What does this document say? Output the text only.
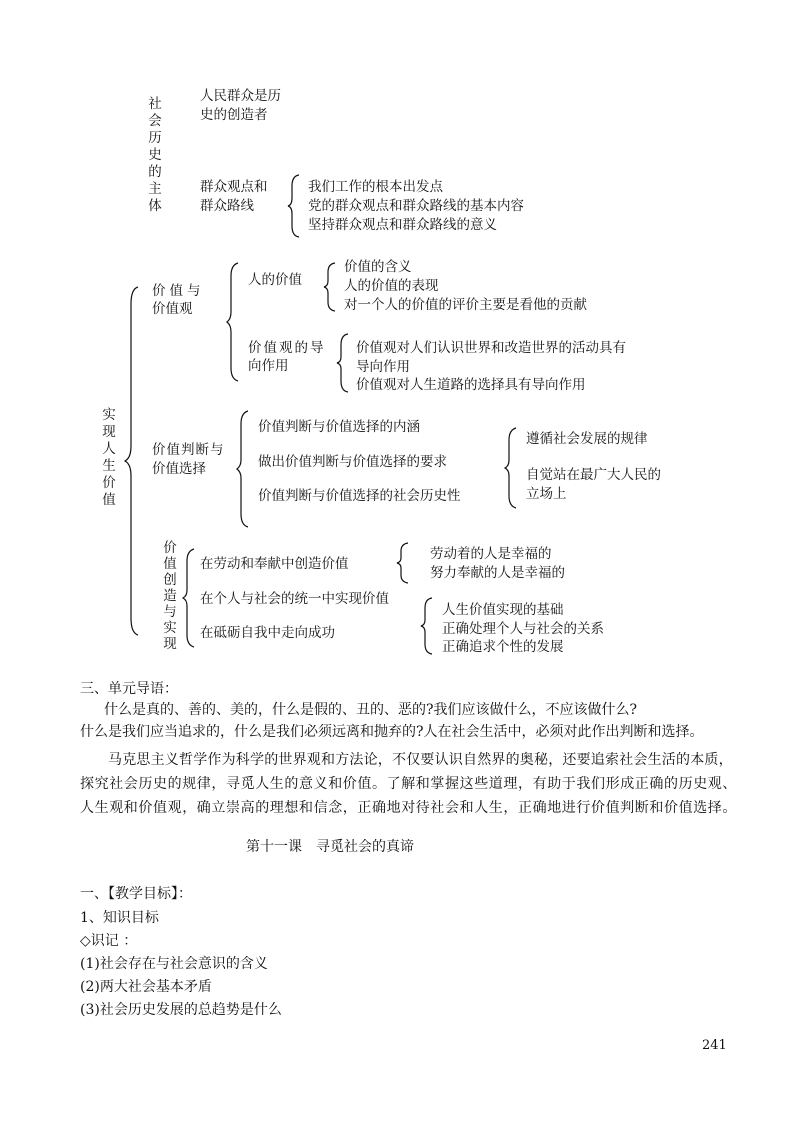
社会历史的主体
人民群众是历
史的创造者
群众观点和
群众路线
我们工作的根本出发点
党的群众观点和群众路线的基本内容
坚持群众观点和群众路线的意义
实现人生价值
价值与
价值观
人的价值
价值的含义
人的价值的表现
对一个人的价值的评价主要是看他的贡献
价值观的导
向作用
价值观对人们认识世界和改造世界的活动具有
导向作用
价值观对人生道路的选择具有导向作用
价值判断与
价值选择
价值判断与价值选择的内涵
做出价值判断与价值选择的要求
价值判断与价值选择的社会历史性
遵循社会发展的规律
自觉站在最广大人民的
立场上
价值创造与实现
在劳动和奉献中创造价值
在个人与社会的统一中实现价值
在砥砺自我中走向成功
劳动着的人是幸福的
努力奉献的人是幸福的
人生价值实现的基础
正确处理个人与社会的关系
正确追求个性的发展
三、单元导语：
什么是真的、善的、美的，什么是假的、丑的、恶的?我们应该做什么，不应该做什么?
什么是我们应当追求的，什么是我们必须远离和抛弃的?人在社会生活中，必须对此作出判断和选择。
马克思主义哲学作为科学的世界观和方法论，不仅要认识自然界的奥秘，还要追索社会生活的本质，
探究社会历史的规律，寻觅人生的意义和价值。了解和掌握这些道理，有助于我们形成正确的历史观、
人生观和价值观，确立崇高的理想和信念，正确地对待社会和人生，正确地进行价值判断和价值选择。
第十一课　寻觅社会的真谛
一、【教学目标】：
1、知识目标
◇识记 ：
(1)社会存在与社会意识的含义
(2)两大社会基本矛盾
(3)社会历史发展的总趋势是什么
241
